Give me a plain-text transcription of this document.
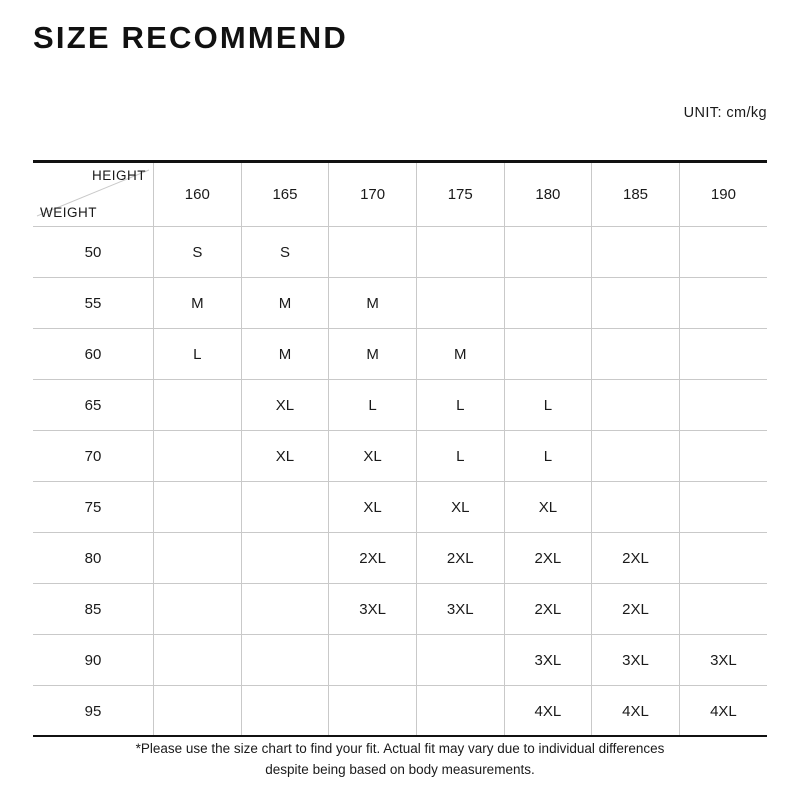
SIZE RECOMMEND
UNIT: cm/kg
HEIGHT
WEIGHT	160	165	170	175	180	185	190
50	S	S					
55	M	M	M				
60	L	M	M	M			
65		XL	L	L	L		
70		XL	XL	L	L		
75			XL	XL	XL		
80			2XL	2XL	2XL	2XL	
85			3XL	3XL	2XL	2XL	
90					3XL	3XL	3XL
95					4XL	4XL	4XL
*Please use the size chart to find your fit. Actual fit may vary due to individual differences
despite being based on body measurements.
